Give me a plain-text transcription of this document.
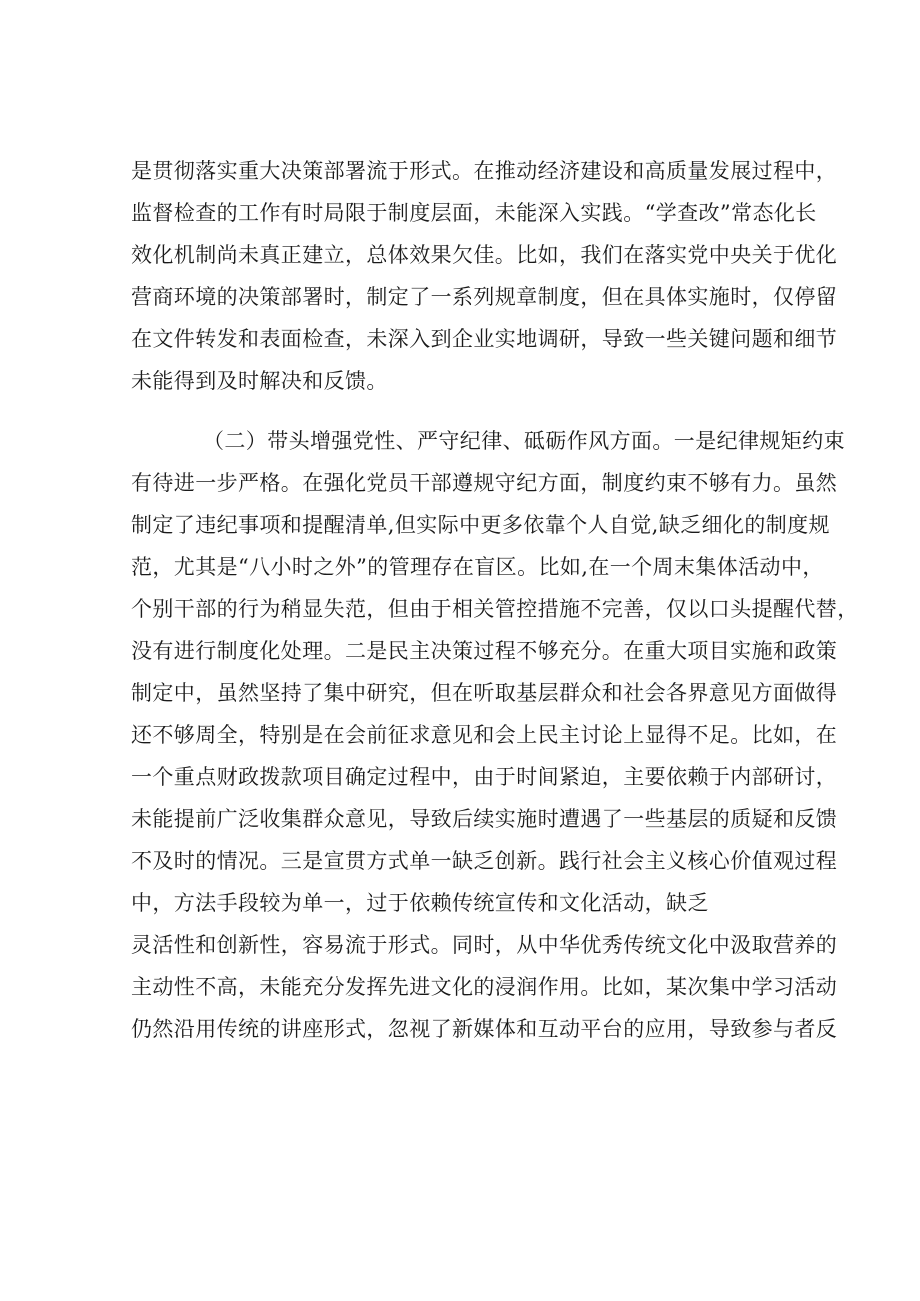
是贯彻落实重大决策部署流于形式。在推动经济建设和高质量发展过程中，
监督检查的工作有时局限于制度层面，未能深入实践。“学查改”常态化长
效化机制尚未真正建立，总体效果欠佳。比如，我们在落实党中央关于优化
营商环境的决策部署时，制定了一系列规章制度，但在具体实施时，仅停留
在文件转发和表面检查，未深入到企业实地调研，导致一些关键问题和细节
未能得到及时解决和反馈。
（二）带头增强党性、严守纪律、砥砺作风方面。一是纪律规矩约束
有待进一步严格。在强化党员干部遵规守纪方面，制度约束不够有力。虽然
制定了违纪事项和提醒清单,但实际中更多依靠个人自觉,缺乏细化的制度规
范，尤其是“八小时之外”的管理存在盲区。比如,在一个周末集体活动中，
个别干部的行为稍显失范，但由于相关管控措施不完善，仅以口头提醒代替，
没有进行制度化处理。二是民主决策过程不够充分。在重大项目实施和政策
制定中，虽然坚持了集中研究，但在听取基层群众和社会各界意见方面做得
还不够周全，特别是在会前征求意见和会上民主讨论上显得不足。比如，在
一个重点财政拨款项目确定过程中，由于时间紧迫，主要依赖于内部研讨，
未能提前广泛收集群众意见，导致后续实施时遭遇了一些基层的质疑和反馈
不及时的情况。三是宣贯方式单一缺乏创新。践行社会主义核心价值观过程
中，方法手段较为单一，过于依赖传统宣传和文化活动，缺乏
灵活性和创新性，容易流于形式。同时，从中华优秀传统文化中汲取营养的
主动性不高，未能充分发挥先进文化的浸润作用。比如，某次集中学习活动
仍然沿用传统的讲座形式，忽视了新媒体和互动平台的应用，导致参与者反
